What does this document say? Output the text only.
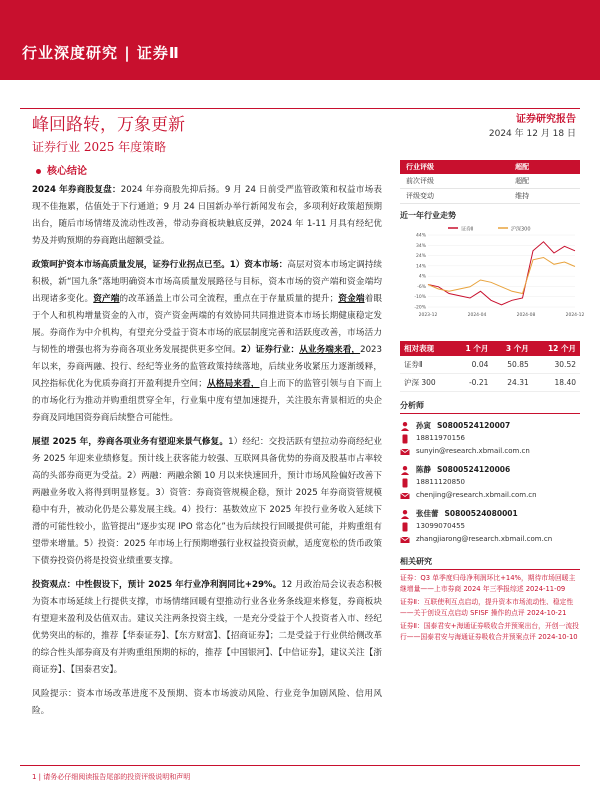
行业深度研究 | 证券Ⅱ
峰回路转，万象更新
证券行业 2025 年度策略
证券研究报告
2024 年 12 月 18 日
核心结论

2024 年券商股复盘：2024 年券商股先抑后扬。9 月 24 日前受严监管政策和权益市场表现不佳拖累，估值处于下行通道；9 月 24 日国新办举行新闻发布会，多项利好政策超预期出台，随后市场情绪及流动性改善，带动券商板块触底反弹，2024 年 1-11 月具有经纪优势及并购预期的券商跑出超额受益。

政策呵护资本市场高质量发展，证券行业拐点已至。1）资本市场：高层对资本市场定调持续积极，新“国九条”落地明确资本市场高质量发展路径与目标，资本市场的资产端和资金端均出现诸多变化。资产端的改革涵盖上市公司全流程，重点在于存量质量的提升；资金端着眼于个人和机构增量资金的入市，资产资金两端的有效协同共同推进资本市场长期健康稳定发展。券商作为中介机构，有望充分受益于资本市场的底层制度完善和活跃度改善，市场活力与韧性的增强也将为券商各项业务发展提供更多空间。2）证券行业：从业务端来看，2023 年以来，券商两融、投行、经纪等业务的监管政策持续落地，后续业务收紧压力逐渐缓释，风控指标优化为优质券商打开盈利提升空间；从格局来看，自上而下的监管引领与自下而上的市场化行为推动并购重组贯穿全年，行业集中度有望加速提升，关注股东背景相近的央企券商及同地国资券商后续整合可能性。

展望 2025 年，券商各项业务有望迎来景气修复。1）经纪：交投活跃有望拉动券商经纪业务 2025 年迎来业绩修复。预计线上获客能力较强、互联网具备优势的券商及股基市占率较高的头部券商更为受益。2）两融：两融余额 10 月以来快速回升，预计市场风险偏好改善下两融业务收入将得到明显修复。3）资管：券商资管规模企稳，预计 2025 年券商资管规模稳中有升，被动化仍是公募发展主线。4）投行：基数效应下 2025 年投行业务收入延续下滑的可能性较小，监管提出“逐步实现 IPO 常态化”也为后续投行回暖提供可能，并购重组有望带来增量。5）投资：2025 年市场上行预期增强行业权益投资贡献，适度宽松的货币政策下债券投资仍将是投资业绩重要支撑。

投资观点：中性假设下，预计 2025 年行业净利润同比+29%。12 月政治局会议表态积极为资本市场延续上行提供支撑，市场情绪回暖有望推动行业各业务条线迎来修复，券商板块有望迎来盈利及估值双击。建议关注两条投资主线，一是充分受益于个人投资者入市、经纪优势突出的标的，推荐【华泰证券】、【东方财富】、【招商证券】；二是受益于行业供给侧改革的综合性头部券商及有并购重组预期的标的，推荐【中国银河】、【中信证券】，建议关注【浙商证券】、【国泰君安】。

风险提示：资本市场改革进度不及预期、资本市场波动风险、行业竞争加剧风险、信用风险。

行业评级	超配
前次评级	超配
评级变动	维持
近一年行业走势
证券Ⅱ	沪深300
44%
34%
24%
14%
4%
-6%
-10%
-20%
2023-12	2024-04	2024-08	2024-12
相对表现	1 个月	3 个月	12 个月
证券Ⅱ	0.04	50.85	30.52
沪深 300	-0.21	24.31	18.40
分析师
孙寅 S0800524120007
18811970156
sunyin@research.xbmail.com.cn
陈静 S0800524120006
18811120850
chenjing@research.xbmail.com.cn
张佳蕾 S0800524080001
13099070455
zhangjiarong@research.xbmail.com.cn
相关研究
证券：Q3 单季度归母净利润环比+14%，期待市场回暖主继增量——上市券商 2024 年三季报综述 2024-11-09
证券Ⅱ：互联使利互点启动，提升资本市场流动性、稳定性——关于创设互点启动 SFISF 操作的点评 2024-10-21
证券Ⅱ：国泰君安+海通证券吸收合并预案出台，开创一流投行——国泰君安与海通证券吸收合并预案点评 2024-10-10
1 | 请务必仔细阅读报告尾部的投资评级说明和声明
